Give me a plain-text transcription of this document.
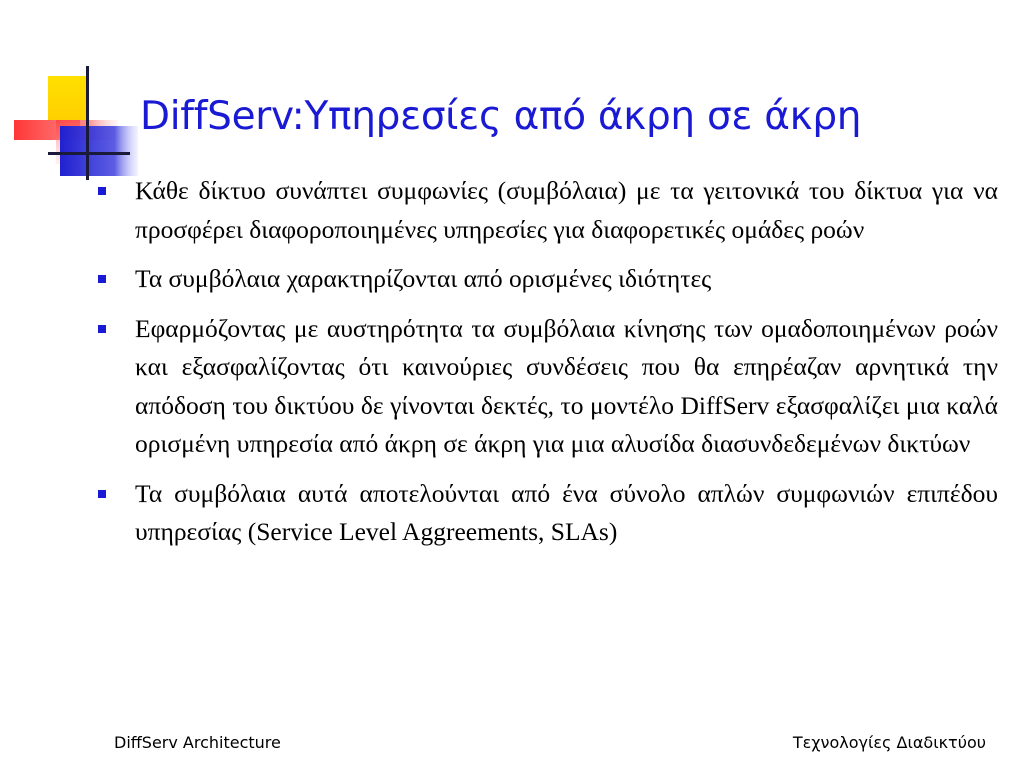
DiffServ:Υπηρεσίες από άκρη σε άκρη
Κάθε δίκτυο συνάπτει συμφωνίες (συμβόλαια) με τα γειτονικά του δίκτυα για να προσφέρει διαφοροποιημένες υπηρεσίες για διαφορετικές ομάδες ροών
Τα συμβόλαια χαρακτηρίζονται από ορισμένες ιδιότητες
Εφαρμόζοντας με αυστηρότητα τα συμβόλαια κίνησης των ομαδοποιημένων ροών και εξασφαλίζοντας ότι καινούριες συνδέσεις που θα επηρέαζαν αρνητικά την απόδοση του δικτύου δε γίνονται δεκτές, το μοντέλο DiffServ εξασφαλίζει μια καλά ορισμένη υπηρεσία από άκρη σε άκρη για μια αλυσίδα διασυνδεδεμένων δικτύων
Τα συμβόλαια αυτά αποτελούνται από ένα σύνολο απλών συμφωνιών επιπέδου υπηρεσίας (Service Level Aggreements, SLAs)
DiffServ Architecture	Τεχνολογίες Διαδικτύου
